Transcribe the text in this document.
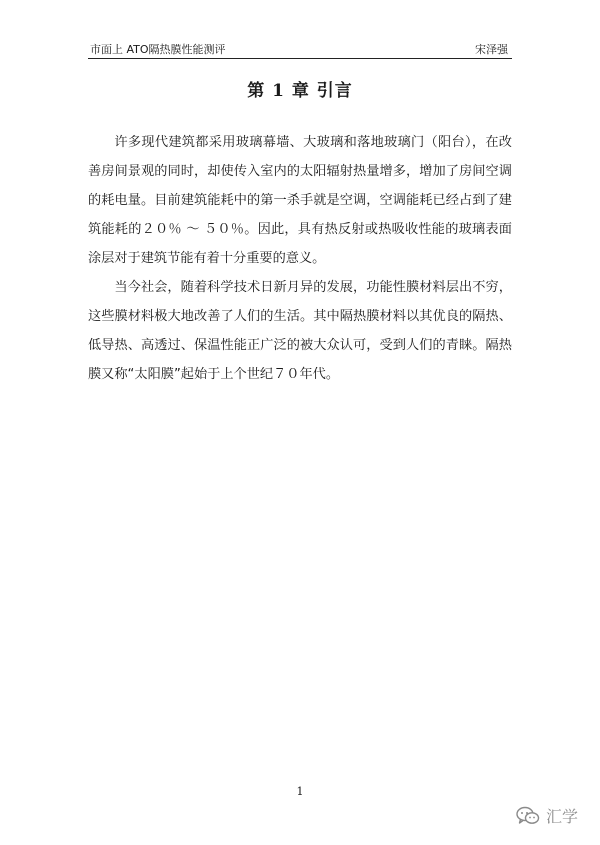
市面上 ATO隔热膜性能测评	宋泽强
第 1 章 引言

许多现代建筑都采用玻璃幕墙、大玻璃和落地玻璃门（阳台），在改善房间景观的同时，却使传入室内的太阳辐射热量增多，增加了房间空调的耗电量。目前建筑能耗中的第一杀手就是空调，空调能耗已经占到了建筑能耗的２０％ ～ ５０％。因此，具有热反射或热吸收性能的玻璃表面涂层对于建筑节能有着十分重要的意义。

当今社会，随着科学技术日新月异的发展，功能性膜材料层出不穷，这些膜材料极大地改善了人们的生活。其中隔热膜材料以其优良的隔热、低导热、高透过、保温性能正广泛的被大众认可，受到人们的青睐。隔热膜又称“太阳膜”起始于上个世纪７０年代。

1
汇学
